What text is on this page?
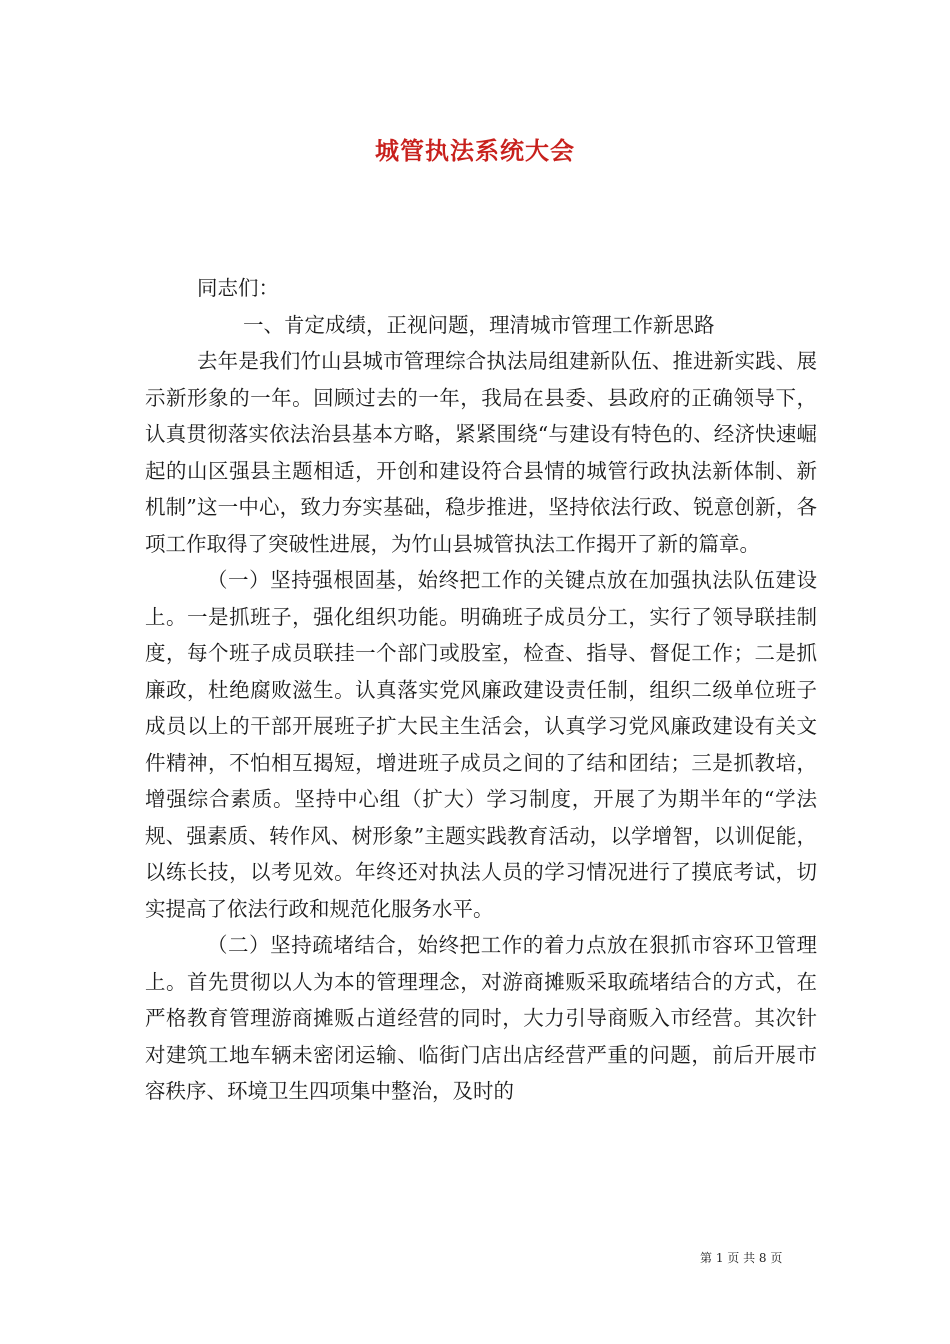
城管执法系统大会

同志们：

一、肯定成绩，正视问题，理清城市管理工作新思路

去年是我们竹山县城市管理综合执法局组建新队伍、推进新实践、展示新形象的一年。回顾过去的一年，我局在县委、县政府的正确领导下，认真贯彻落实依法治县基本方略，紧紧围绕“与建设有特色的、经济快速崛起的山区强县主题相适，开创和建设符合县情的城管行政执法新体制、新机制”这一中心，致力夯实基础，稳步推进，坚持依法行政、锐意创新，各项工作取得了突破性进展，为竹山县城管执法工作揭开了新的篇章。

（一）坚持强根固基，始终把工作的关键点放在加强执法队伍建设上。一是抓班子，强化组织功能。明确班子成员分工，实行了领导联挂制度，每个班子成员联挂一个部门或股室，检查、指导、督促工作；二是抓廉政，杜绝腐败滋生。认真落实党风廉政建设责任制，组织二级单位班子成员以上的干部开展班子扩大民主生活会，认真学习党风廉政建设有关文件精神，不怕相互揭短，增进班子成员之间的了结和团结；三是抓教培，增强综合素质。坚持中心组（扩大）学习制度，开展了为期半年的“学法规、强素质、转作风、树形象”主题实践教育活动，以学增智，以训促能，以练长技，以考见效。年终还对执法人员的学习情况进行了摸底考试，切实提高了依法行政和规范化服务水平。

（二）坚持疏堵结合，始终把工作的着力点放在狠抓市容环卫管理上。首先贯彻以人为本的管理理念，对游商摊贩采取疏堵结合的方式，在严格教育管理游商摊贩占道经营的同时，大力引导商贩入市经营。其次针对建筑工地车辆未密闭运输、临街门店出店经营严重的问题，前后开展市容秩序、环境卫生四项集中整治，及时的

第 1 页 共 8 页
